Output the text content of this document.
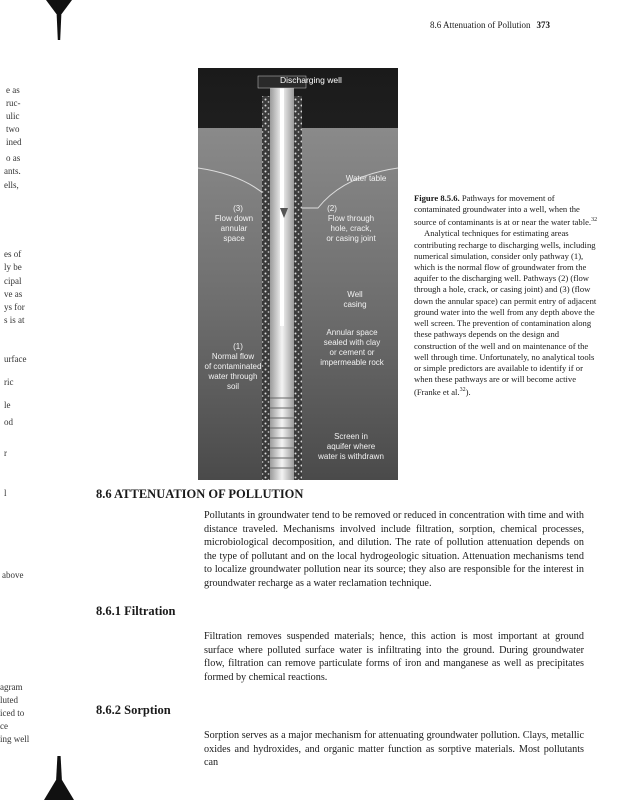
8.6 Attenuation of Pollution 373
e as
ruc-
ulic
two
ined
o as
ants.
ells,
es of
ly be
cipal
ve as
ys for
s is at
urface
ric
le
od
r
l
above
agram
luted
iced to
ce
ing well
Discharging well
Water table
(3)
Flow down
annular
space
(2)
Flow through
hole, crack,
or casing joint
Well
casing
Annular space
sealed with clay
or cement or
impermeable rock
(1)
Normal flow
of contaminated
water through
soil
Screen in
aquifer where
water is withdrawn

Figure 8.5.6. Pathways for movement of contaminated groundwater into a well, when the source of contaminants is at or near the water table.$^{32}$

Analytical techniques for estimating areas contributing recharge to discharging wells, including numerical simulation, consider only pathway (1), which is the normal flow of groundwater from the aquifer to the discharging well. Pathways (2) (flow through a hole, crack, or casing joint) and (3) (flow down the annular space) can permit entry of adjacent ground water into the well from any depth above the well screen. The prevention of contamination along these pathways depends on the design and construction of the well and on maintenance of the well through time. Unfortunately, no analytical tools or simple predictors are available to identify if or when these pathways are or will become active (Franke et al.$^{32}$).

8.6 ATTENUATION OF POLLUTION

Pollutants in groundwater tend to be removed or reduced in concentration with time and with distance traveled. Mechanisms involved include filtration, sorption, chemical processes, microbiological decomposition, and dilution. The rate of pollution attenuation depends on the type of pollutant and on the local hydrogeologic situation. Attenuation mechanisms tend to localize groundwater pollution near its source; they also are responsible for the interest in groundwater recharge as a water reclamation technique.

8.6.1 Filtration

Filtration removes suspended materials; hence, this action is most important at ground surface where polluted surface water is infiltrating into the ground. During groundwater flow, filtration can remove particulate forms of iron and manganese as well as precipitates formed by chemical reactions.

8.6.2 Sorption

Sorption serves as a major mechanism for attenuating groundwater pollution. Clays, metallic oxides and hydroxides, and organic matter function as sorptive materials. Most pollutants can
